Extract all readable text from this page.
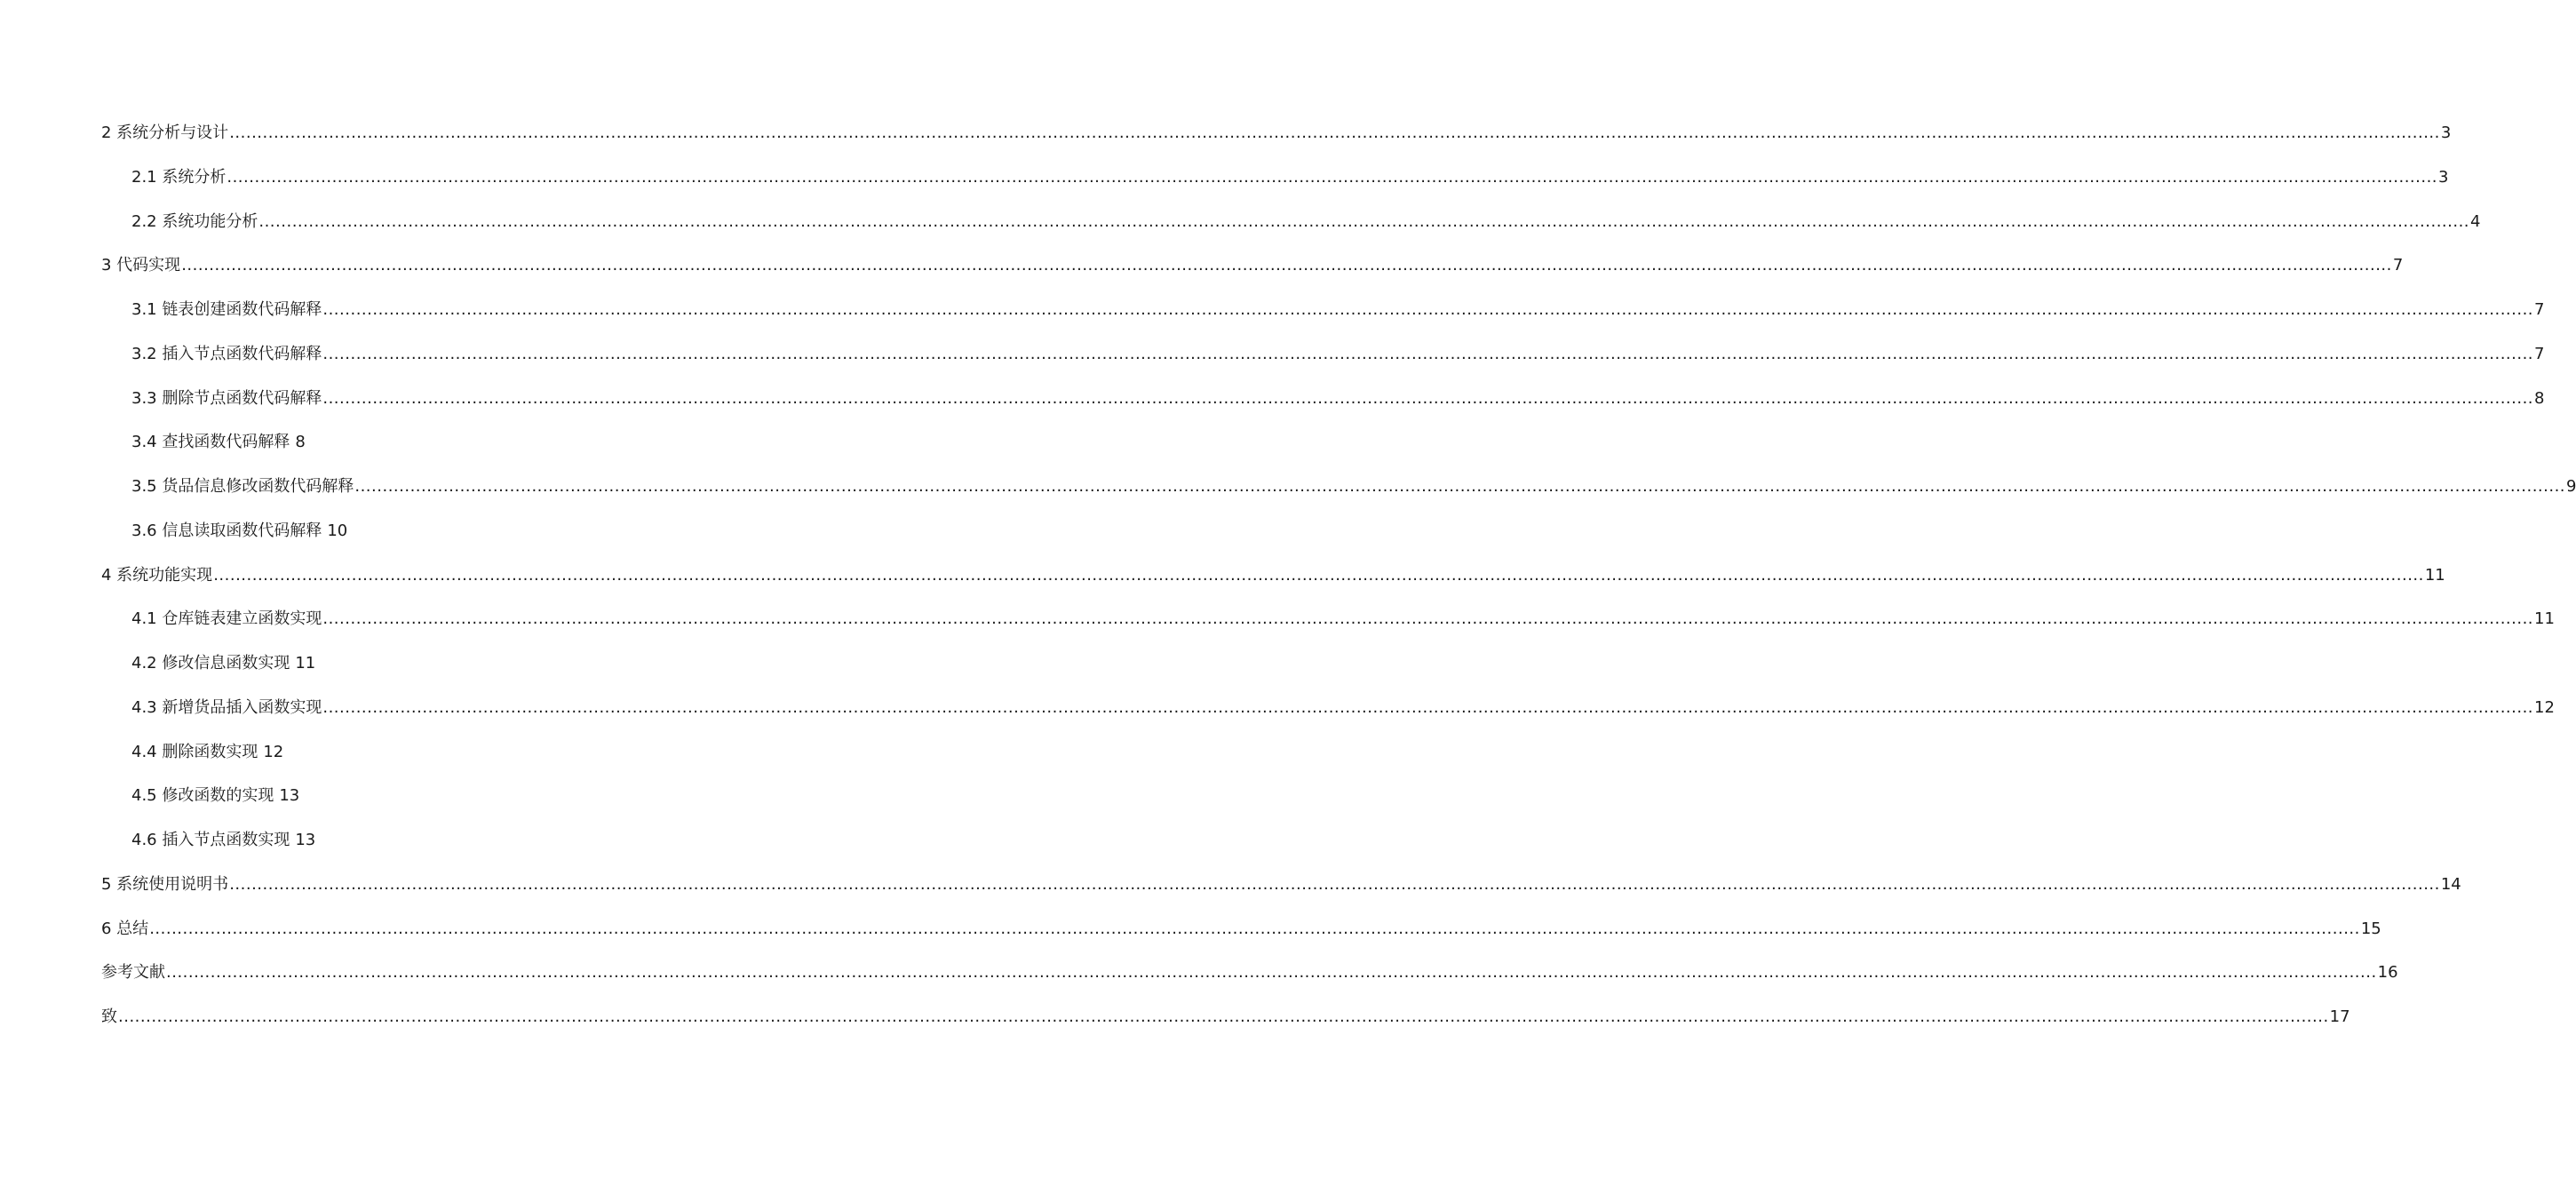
2 系统分析与设计 ................................................................................................................................................................................................................................................................................................................................................................................................................ 3
2.1 系统分析 ................................................................................................................................................................................................................................................................................................................................................................................................................ 3
2.2 系统功能分析 ................................................................................................................................................................................................................................................................................................................................................................................................................ 4
3 代码实现 ................................................................................................................................................................................................................................................................................................................................................................................................................ 7
3.1 链表创建函数代码解释 ................................................................................................................................................................................................................................................................................................................................................................................................................ 7
3.2 插入节点函数代码解释 ................................................................................................................................................................................................................................................................................................................................................................................................................ 7
3.3 删除节点函数代码解释 ................................................................................................................................................................................................................................................................................................................................................................................................................ 8
3.4 查找函数代码解释 8
3.5 货品信息修改函数代码解释 ................................................................................................................................................................................................................................................................................................................................................................................................................ 9
3.6 信息读取函数代码解释 10
4 系统功能实现 ................................................................................................................................................................................................................................................................................................................................................................................................................ 11
4.1 仓库链表建立函数实现 ................................................................................................................................................................................................................................................................................................................................................................................................................ 11
4.2 修改信息函数实现 11
4.3 新增货品插入函数实现 ................................................................................................................................................................................................................................................................................................................................................................................................................ 12
4.4 删除函数实现 12
4.5 修改函数的实现 13
4.6 插入节点函数实现 13
5 系统使用说明书 ................................................................................................................................................................................................................................................................................................................................................................................................................ 14
6 总结 ................................................................................................................................................................................................................................................................................................................................................................................................................ 15
参考文献 ................................................................................................................................................................................................................................................................................................................................................................................................................ 16
致 ................................................................................................................................................................................................................................................................................................................................................................................................................ 17
